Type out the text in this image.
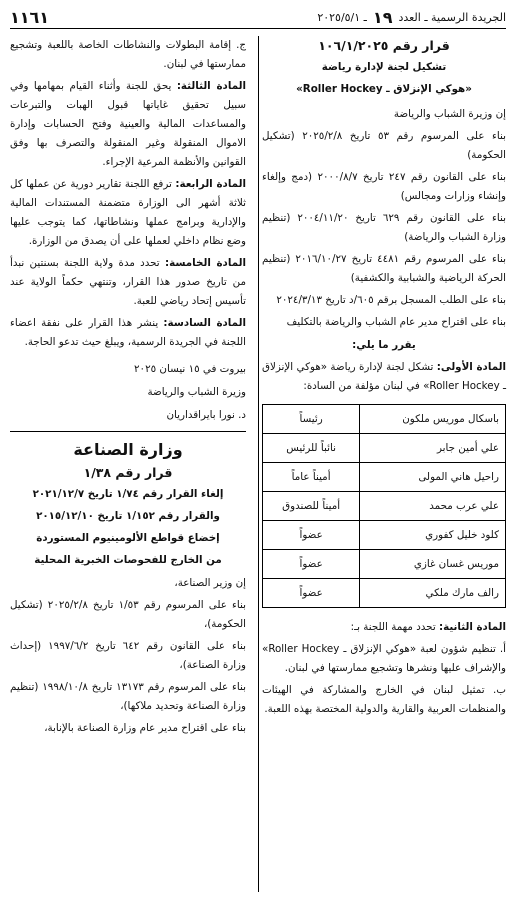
الجريدة الرسمية ـ العدد
١٩
ـ ٢٠٢٥/٥/١
١١٦١

قرار رقم ١٠٦/١/٢٠٢٥

تشكيل لجنة لإدارة رياضة

«هوكي الإنزلاق ـ Roller Hockey»

إن وزيرة الشباب والرياضة

بناء على المرسوم رقم ٥٣ تاريخ ٢٠٢٥/٢/٨ (تشكيل الحكومة)

بناء على القانون رقم ٢٤٧ تاريخ ٢٠٠٠/٨/٧ (دمج وإلغاء وإنشاء وزارات ومجالس)

بناء على القانون رقم ٦٢٩ تاريخ ٢٠٠٤/١١/٢٠ (تنظيم وزارة الشباب والرياضة)

بناء على المرسوم رقم ٤٤٨١ تاريخ ٢٠١٦/١٠/٢٧ (تنظيم الحركة الرياضية والشبابية والكشفية)

بناء على الطلب المسجل برقم ٦٠٥/د تاريخ ٢٠٢٤/٣/١٣

بناء على اقتراح مدير عام الشباب والرياضة بالتكليف

يقرر ما يلي:

المادة الأولى: تشكل لجنة لإدارة رياضة «هوكي الإنزلاق ـ Roller Hockey» في لبنان مؤلفة من السادة:

باسكال موريس ملكون	رئيساً
علي أمين جابر	نائباً للرئيس
راحيل هاني المولى	أميناً عاماً
علي عرب محمد	أميناً للصندوق
كلود خليل كفوري	عضواً
موريس غسان غازي	عضواً
رالف مارك ملكي	عضواً

المادة الثانية: تحدد مهمة اللجنة بـ:

أ. تنظيم شؤون لعبة «هوكي الإنزلاق ـ Roller Hockey» والإشراف عليها ونشرها وتشجيع ممارستها في لبنان.

ب. تمثيل لبنان في الخارج والمشاركة في الهيئات والمنظمات العربية والقارية والدولية المختصة بهذه اللعبة.

ج. إقامة البطولات والنشاطات الخاصة باللعبة وتشجيع ممارستها في لبنان.

المادة الثالثة: يحق للجنة وأثناء القيام بمهامها وفي سبيل تحقيق غاياتها قبول الهبات والتبرعات والمساعدات المالية والعينية وفتح الحسابات وإدارة الاموال المنقولة وغير المنقولة والتصرف بها وفق القوانين والأنظمة المرعية الإجراء.

المادة الرابعة: ترفع اللجنة تقارير دورية عن عملها كل ثلاثة أشهر الى الوزارة متضمنة المستندات المالية والإدارية وبرامج عملها ونشاطاتها، كما يتوجب عليها وضع نظام داخلي لعملها على أن يصدق من الوزارة.

المادة الخامسة: تحدد مدة ولاية اللجنة بسنتين نبدأ من تاريخ صدور هذا القرار، وتنتهي حكماً الولاية عند تأسيس إتحاد رياضي للعبة.

المادة السادسة: ينشر هذا القرار على نفقة اعضاء اللجنة في الجريدة الرسمية، ويبلغ حيث تدعو الحاجة.

بيروت في ١٥ نيسان ٢٠٢٥

وزيرة الشباب والرياضة

د. نورا بايراقداريان

وزارة الصناعة

قرار رقم ١/٣٨

إلغاء القرار رقم ١/٧٤ تاريخ ٢٠٢١/١٢/٧

والقرار رقم ١/١٥٢ تاريخ ٢٠١٥/١٢/١٠

إخضاع قواطع الألومينيوم المستوردة

من الخارج للفحوصات الخبرية المحلية

إن وزير الصناعة،

بناء على المرسوم رقم ١/٥٣ تاريخ ٢٠٢٥/٢/٨ (تشكيل الحكومة)،

بناء على القانون رقم ٦٤٢ تاريخ ١٩٩٧/٦/٢ (إحداث وزارة الصناعة)،

بناء على المرسوم رقم ١٣١٧٣ تاريخ ١٩٩٨/١٠/٨ (تنظيم وزارة الصناعة وتحديد ملاكها)،

بناء على اقتراح مدير عام وزارة الصناعة بالإنابة،
